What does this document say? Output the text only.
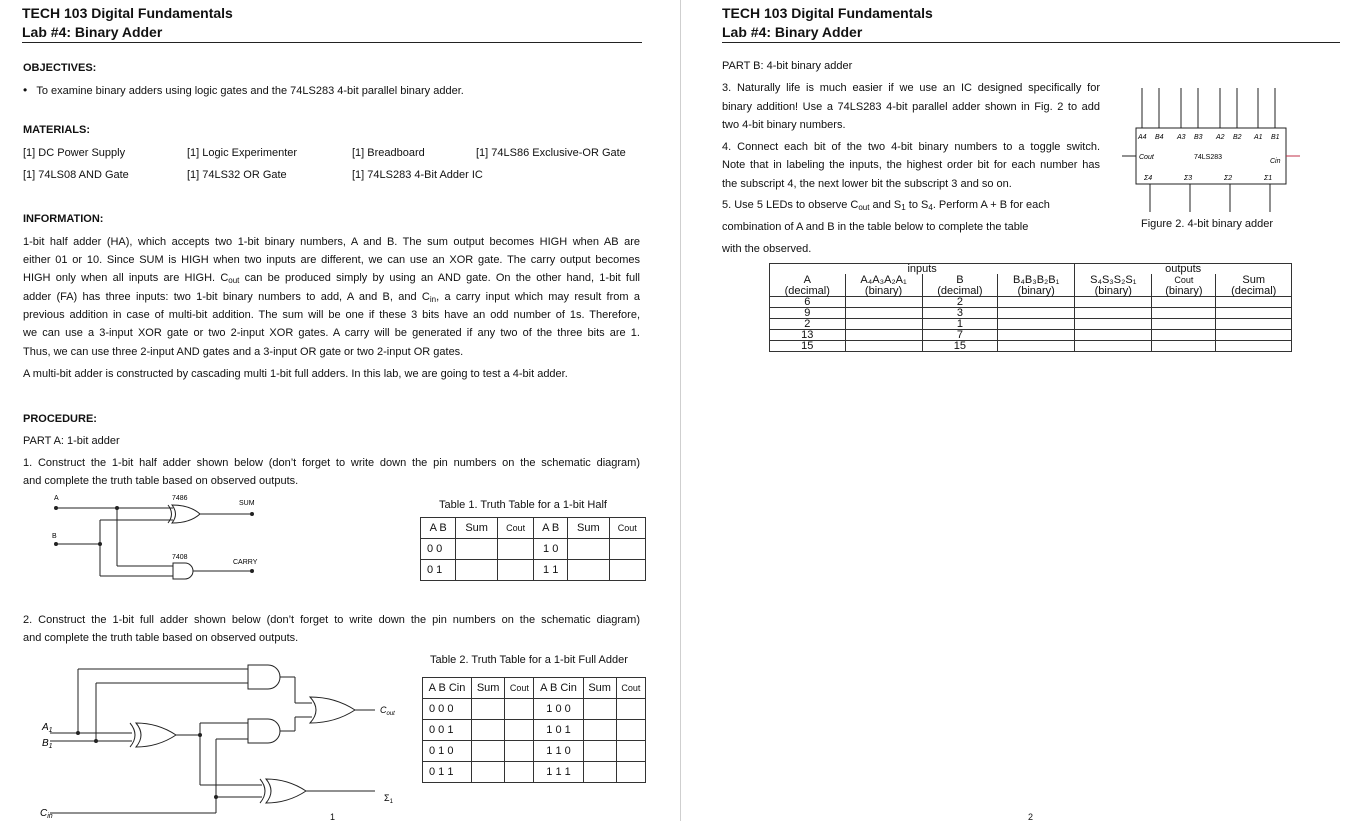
TECH 103 Digital Fundamentals
Lab #4: Binary Adder
OBJECTIVES:
• To examine binary adders using logic gates and the 74LS283 4-bit parallel binary adder.
MATERIALS:
[1] DC Power Supply	[1] Logic Experimenter	[1] Breadboard	[1] 74LS86 Exclusive-OR Gate
[1] 74LS08 AND Gate	[1] 74LS32 OR Gate	[1] 74LS283 4-Bit Adder IC
INFORMATION:
1-bit half adder (HA), which accepts two 1-bit binary numbers, A and B. The sum output becomes HIGH when AB are
either 01 or 10. Since SUM is HIGH when two inputs are different, we can use an XOR gate. The carry output becomes
HIGH only when all inputs are HIGH. $C_{out}$ can be produced simply by using an AND gate. On the other hand, 1-bit full
adder (FA) has three inputs: two 1-bit binary numbers to add, A and B, and $C_{in}$, a carry input which may result from a
previous addition in case of multi-bit addition. The sum will be one if these 3 bits have an odd number of 1s. Therefore,
we can use a 3-input XOR gate or two 2-input XOR gates. A carry will be generated if any two of the three bits are 1.
Thus, we can use three 2-input AND gates and a 3-input OR gate or two 2-input OR gates.
A multi-bit adder is constructed by cascading multi 1-bit full adders. In this lab, we are going to test a 4-bit adder.
PROCEDURE:
PART A: 1-bit adder
1. Construct the 1-bit half adder shown below (don’t forget to write down the pin numbers on the schematic diagram)
and complete the truth table based on observed outputs.
A
B
7486
SUM
7408
CARRY
Table 1. Truth Table for a 1-bit Half
A B	Sum	Cout	A B	Sum	Cout
0 0			1 0		
0 1			1 1		
2. Construct the 1-bit full adder shown below (don’t forget to write down the pin numbers on the schematic diagram)
and complete the truth table based on observed outputs.
$A_1$
$B_1$
$C_{in}$
$C_{out}$
$\Sigma_1$
Table 2. Truth Table for a 1-bit Full Adder
A B Cin	Sum	Cout	A B Cin	Sum	Cout
0 0 0			1 0 0		
0 0 1			1 0 1		
0 1 0			1 1 0		
0 1 1			1 1 1		
1
TECH 103 Digital Fundamentals
Lab #4: Binary Adder
PART B: 4-bit binary adder
3. Naturally life is much easier if we use an IC designed specifically for
binary addition! Use a 74LS283 4-bit parallel adder shown in Fig. 2 to add
two 4-bit binary numbers.
4. Connect each bit of the two 4-bit binary numbers to a toggle switch.
Note that in labeling the inputs, the highest order bit for each number has
the subscript 4, the next lower bit the subscript 3 and so on.
5. Use 5 LEDs to observe $C_{out}$ and $S_1$ to $S_4$. Perform A + B for each
combination of A and B in the table below to complete the table
with the observed.
A4 B4 A3 B3 A2 B2 A1 B1
Σ4	Σ3	Σ2	Σ1
Cout
Cin
74LS283
Figure 2. 4-bit binary adder
inputs				outputs		
A	A₄A₃A₂A₁	B	B₄B₃B₂B₁	S₄S₃S₂S₁	Cout	Sum
(decimal)	(binary)	(decimal)	(binary)	(binary)	(binary)	(decimal)
6		2				
9		3				
2		1				
13		7				
15		15				
2
